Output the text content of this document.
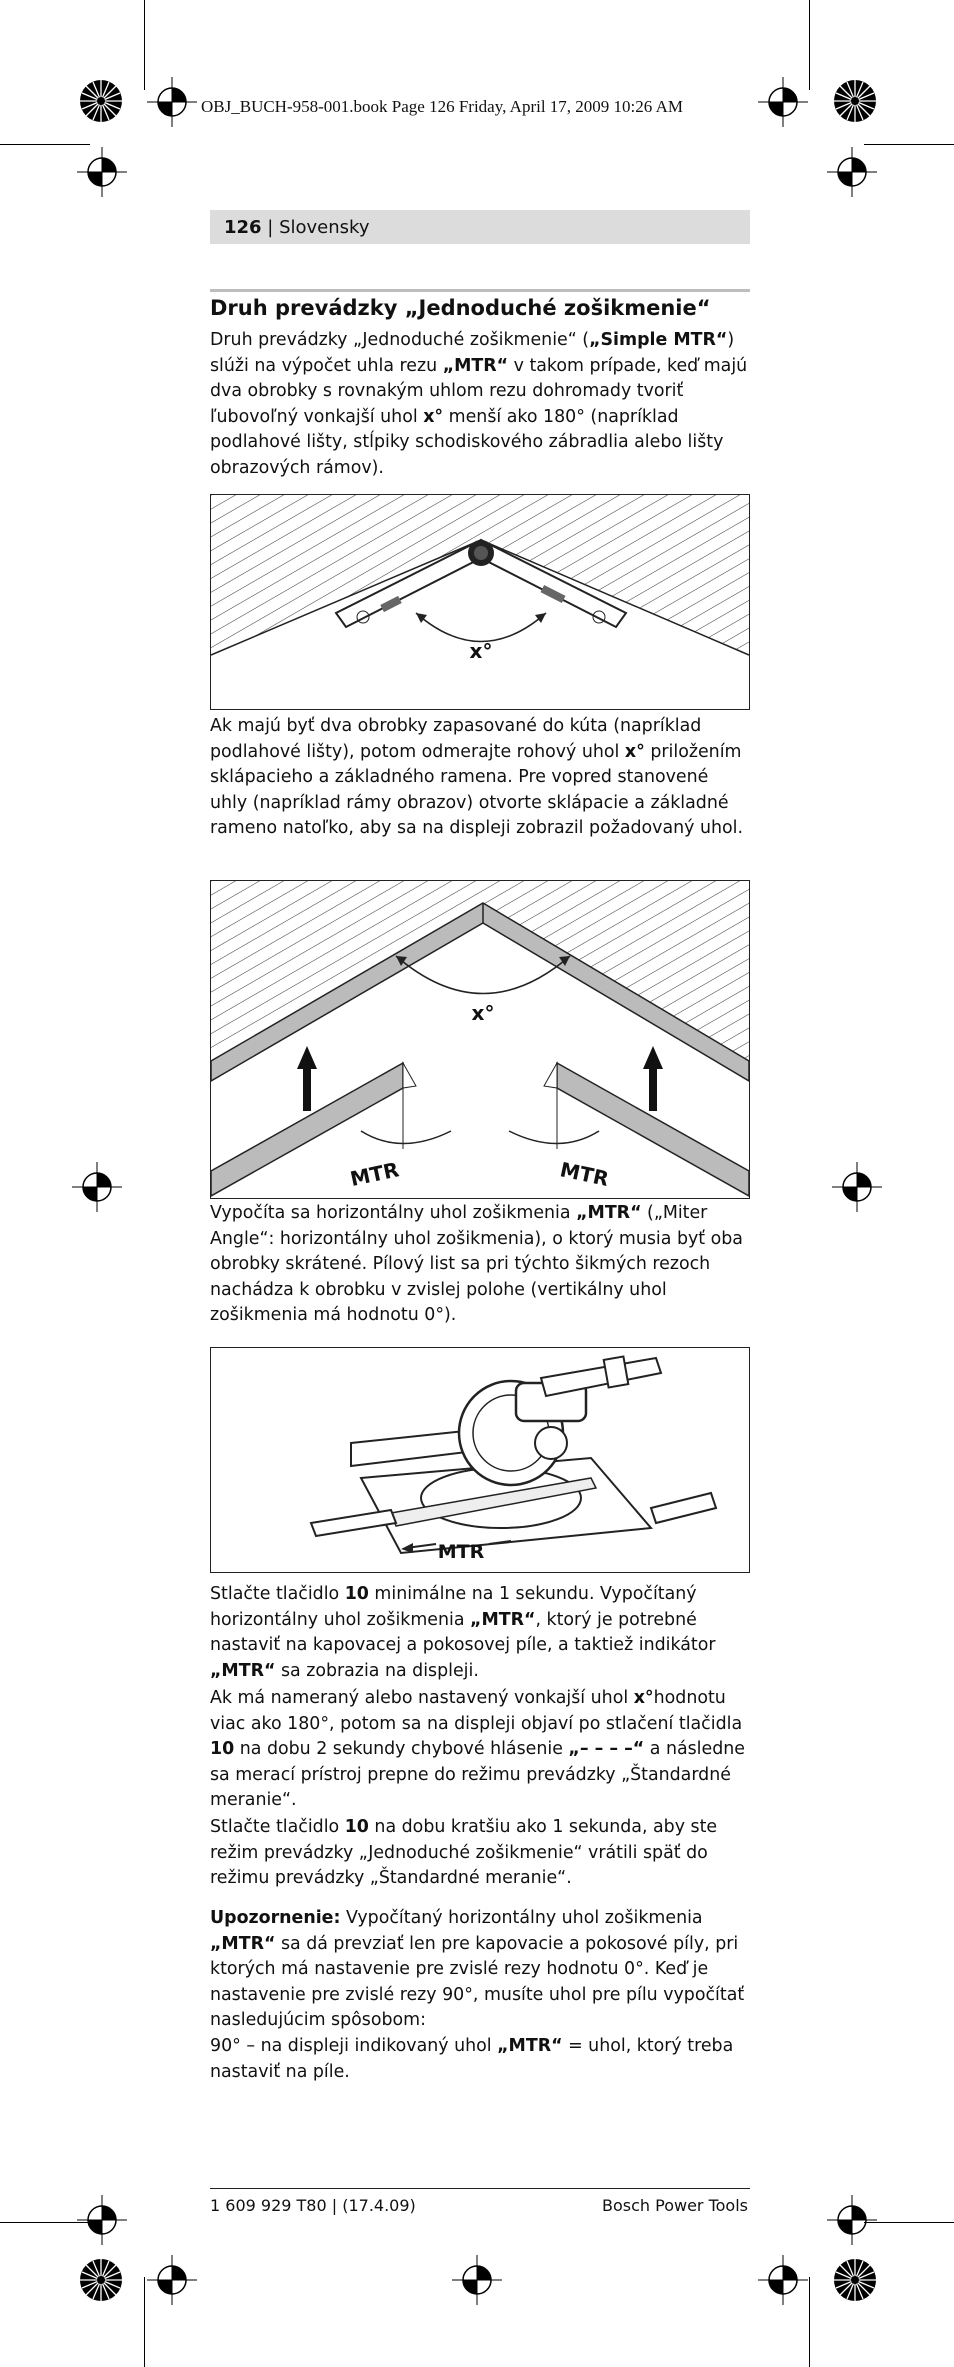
OBJ_BUCH-958-001.book Page 126 Friday, April 17, 2009 10:26 AM
126 | Slovensky
Druh prevádzky „Jednoduché zošikmenie“
Druh prevádzky „Jednoduché zošikmenie“ („Simple MTR“) slúži na výpočet uhla rezu „MTR“ v takom prípade, keď majú dva obrobky s rovnakým uhlom rezu dohromady tvoriť ľubovoľný vonkajší uhol x° menší ako 180° (napríklad podlahové lišty, stĺpiky schodiskového zábradlia alebo lišty obrazových rámov).
x°
Ak majú byť dva obrobky zapasované do kúta (napríklad podlahové lišty), potom odmerajte rohový uhol x° priložením sklápacieho a základného ramena. Pre vopred stanovené uhly (napríklad rámy obrazov) otvorte sklápacie a základné rameno natoľko, aby sa na displeji zobrazil požadovaný uhol.
x°
MTR	MTR
Vypočíta sa horizontálny uhol zošikmenia „MTR“ („Miter Angle“: horizontálny uhol zošikmenia), o ktorý musia byť oba obrobky skrátené. Pílový list sa pri týchto šikmých rezoch nachádza k obrobku v zvislej polohe (vertikálny uhol zošikmenia má hodnotu 0°).
MTR
Stlačte tlačidlo 10 minimálne na 1 sekundu. Vypočítaný horizontálny uhol zošikmenia „MTR“, ktorý je potrebné nastaviť na kapovacej a pokosovej píle, a taktiež indikátor „MTR“ sa zobrazia na displeji.
Ak má nameraný alebo nastavený vonkajší uhol x°hodnotu viac ako 180°, potom sa na displeji objaví po stlačení tlačidla 10 na dobu 2 sekundy chybové hlásenie „– – – –“ a následne sa merací prístroj prepne do režimu prevádzky „Štandardné meranie“.
Stlačte tlačidlo 10 na dobu kratšiu ako 1 sekunda, aby ste režim prevádzky „Jednoduché zošikmenie“ vrátili späť do režimu prevádzky „Štandardné meranie“.
Upozornenie: Vypočítaný horizontálny uhol zošikmenia „MTR“ sa dá prevziať len pre kapovacie a pokosové píly, pri ktorých má nastavenie pre zvislé rezy hodnotu 0°. Keď je nastavenie pre zvislé rezy 90°, musíte uhol pre pílu vypočítať nasledujúcim spôsobom:
90° – na displeji indikovaný uhol „MTR“ = uhol, ktorý treba nastaviť na píle.
1 609 929 T80 | (17.4.09)	Bosch Power Tools
